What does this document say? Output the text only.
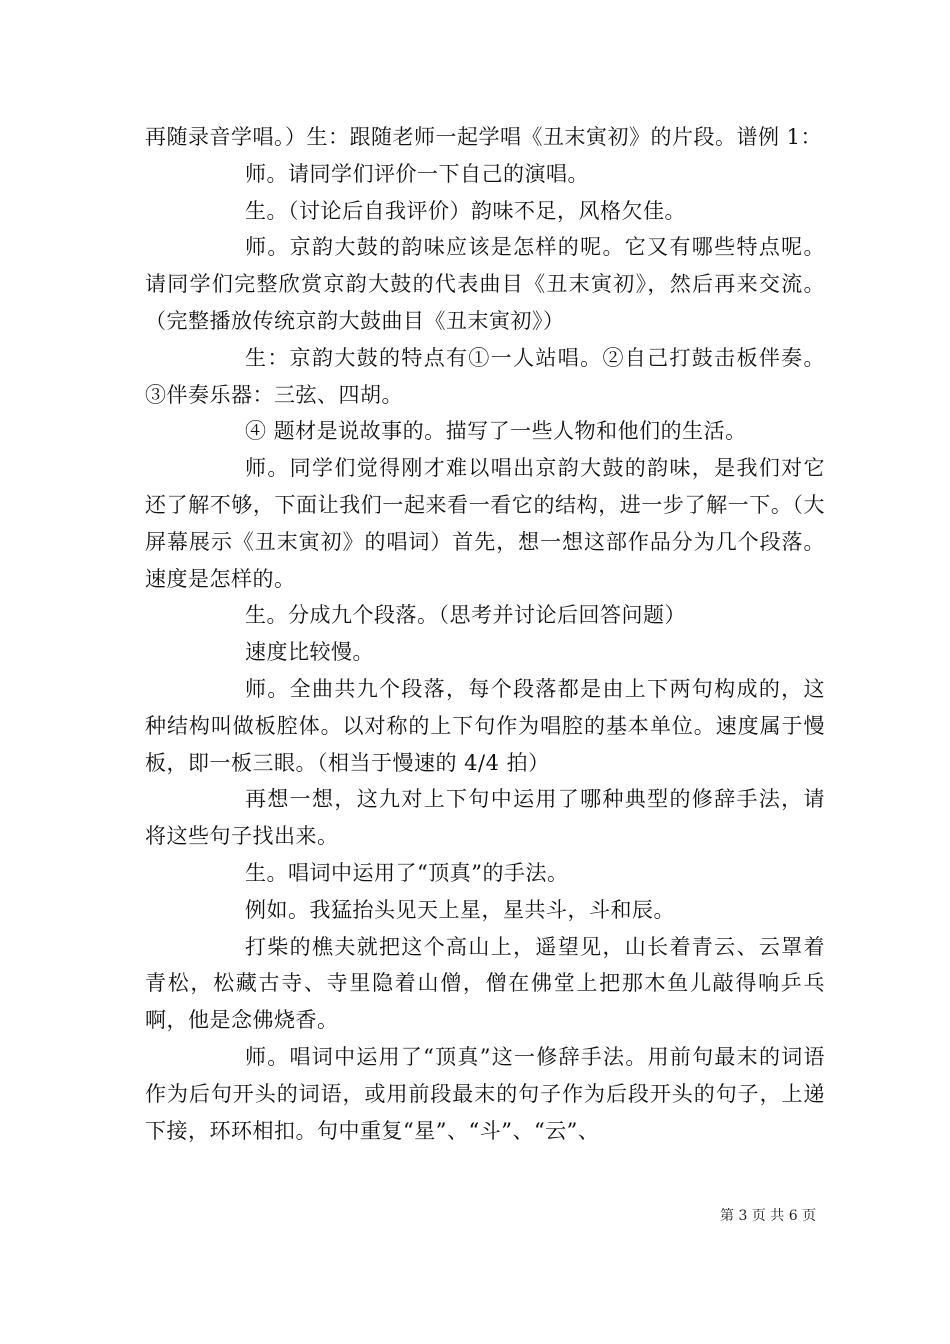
再随录音学唱。）生：跟随老师一起学唱《丑末寅初》的片段。谱例 1：

师。请同学们评价一下自己的演唱。

生。（讨论后自我评价）韵味不足，风格欠佳。

师。京韵大鼓的韵味应该是怎样的呢。它又有哪些特点呢。请同学们完整欣赏京韵大鼓的代表曲目《丑末寅初》，然后再来交流。（完整播放传统京韵大鼓曲目《丑末寅初》）

生：京韵大鼓的特点有①一人站唱。②自己打鼓击板伴奏。③伴奏乐器：三弦、四胡。

④ 题材是说故事的。描写了一些人物和他们的生活。

师。同学们觉得刚才难以唱出京韵大鼓的韵味，是我们对它还了解不够，下面让我们一起来看一看它的结构，进一步了解一下。（大屏幕展示《丑末寅初》的唱词）首先，想一想这部作品分为几个段落。速度是怎样的。

生。分成九个段落。（思考并讨论后回答问题）

速度比较慢。

师。全曲共九个段落，每个段落都是由上下两句构成的，这种结构叫做板腔体。以对称的上下句作为唱腔的基本单位。速度属于慢板，即一板三眼。（相当于慢速的 4/4 拍）

再想一想，这九对上下句中运用了哪种典型的修辞手法，请将这些句子找出来。

生。唱词中运用了“顶真”的手法。

例如。我猛抬头见天上星，星共斗，斗和辰。

打柴的樵夫就把这个高山上，遥望见，山长着青云、云罩着青松，松藏古寺、寺里隐着山僧，僧在佛堂上把那木鱼儿敲得响乒乓啊，他是念佛烧香。

师。唱词中运用了“顶真”这一修辞手法。用前句最末的词语作为后句开头的词语，或用前段最末的句子作为后段开头的句子，上递下接，环环相扣。句中重复“星”、“斗”、“云”、

第 3 页 共 6 页
